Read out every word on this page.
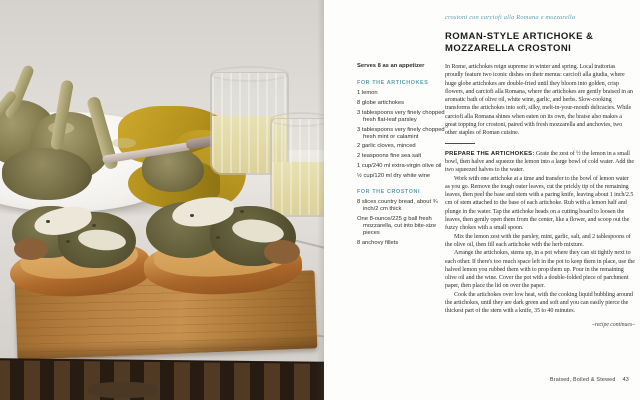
crostoni con carciofi alla Romana e mozzarella
ROMAN-STYLE ARTICHOKE &
MOZZARELLA CROSTONI
Serves 8 as an appetizer
FOR THE ARTICHOKES
1 lemon
8 globe artichokes
3 tablespoons very finely chopped fresh flat-leaf parsley
3 tablespoons very finely chopped fresh mint or calamint
2 garlic cloves, minced
2 teaspoons fine sea salt
1 cup/240 ml extra-virgin olive oil
½ cup/120 ml dry white wine
FOR THE CROSTONI
8 slices country bread, about ¾ inch/2 cm thick
One 8-ounce/225 g ball fresh mozzarella, cut into bite-size pieces
8 anchovy fillets

In Rome, artichokes reign supreme in winter and spring. Local trattorias proudly feature two iconic dishes on their menus: carciofi alla giudia, where huge globe artichokes are double-fried until they bloom into golden, crisp flowers, and carciofi alla Romana, where the artichokes are gently braised in an aromatic bath of olive oil, white wine, garlic, and herbs. Slow-cooking transforms the artichokes into soft, silky, melt-in-your-mouth delicacies. While carciofi alla Romana shines when eaten on its own, the braise also makes a great topping for crostoni, paired with fresh mozzarella and anchovies, two other staples of Roman cuisine.

PREPARE THE ARTICHOKES: Grate the zest of ½ the lemon in a small bowl, then halve and squeeze the lemon into a large bowl of cold water. Add the two squeezed halves to the water.

Work with one artichoke at a time and transfer to the bowl of lemon water as you go. Remove the tough outer leaves, cut the prickly tip of the remaining leaves, then peel the base and stem with a paring knife, leaving about 1 inch/2.5 cm of stem attached to the base of each artichoke. Rub with a lemon half and plunge in the water. Tap the artichoke heads on a cutting board to loosen the leaves, then gently open them from the center, like a flower, and scoop out the fuzzy chokes with a small spoon.

Mix the lemon zest with the parsley, mint, garlic, salt, and 2 tablespoons of the olive oil, then fill each artichoke with the herb mixture.

Arrange the artichokes, stems up, in a pot where they can sit tightly next to each other. If there's too much space left in the pot to keep them in place, use the halved lemon you rubbed them with to prop them up. Pour in the remaining olive oil and the wine. Cover the pot with a double-folded piece of parchment paper, then place the lid on over the paper.

Cook the artichokes over low heat, with the cooking liquid bubbling around the artichokes, until they are dark green and soft and you can easily pierce the thickest part of the stem with a knife, 35 to 40 minutes.

–recipe continues–
Braised, Boiled & Stewed 43
